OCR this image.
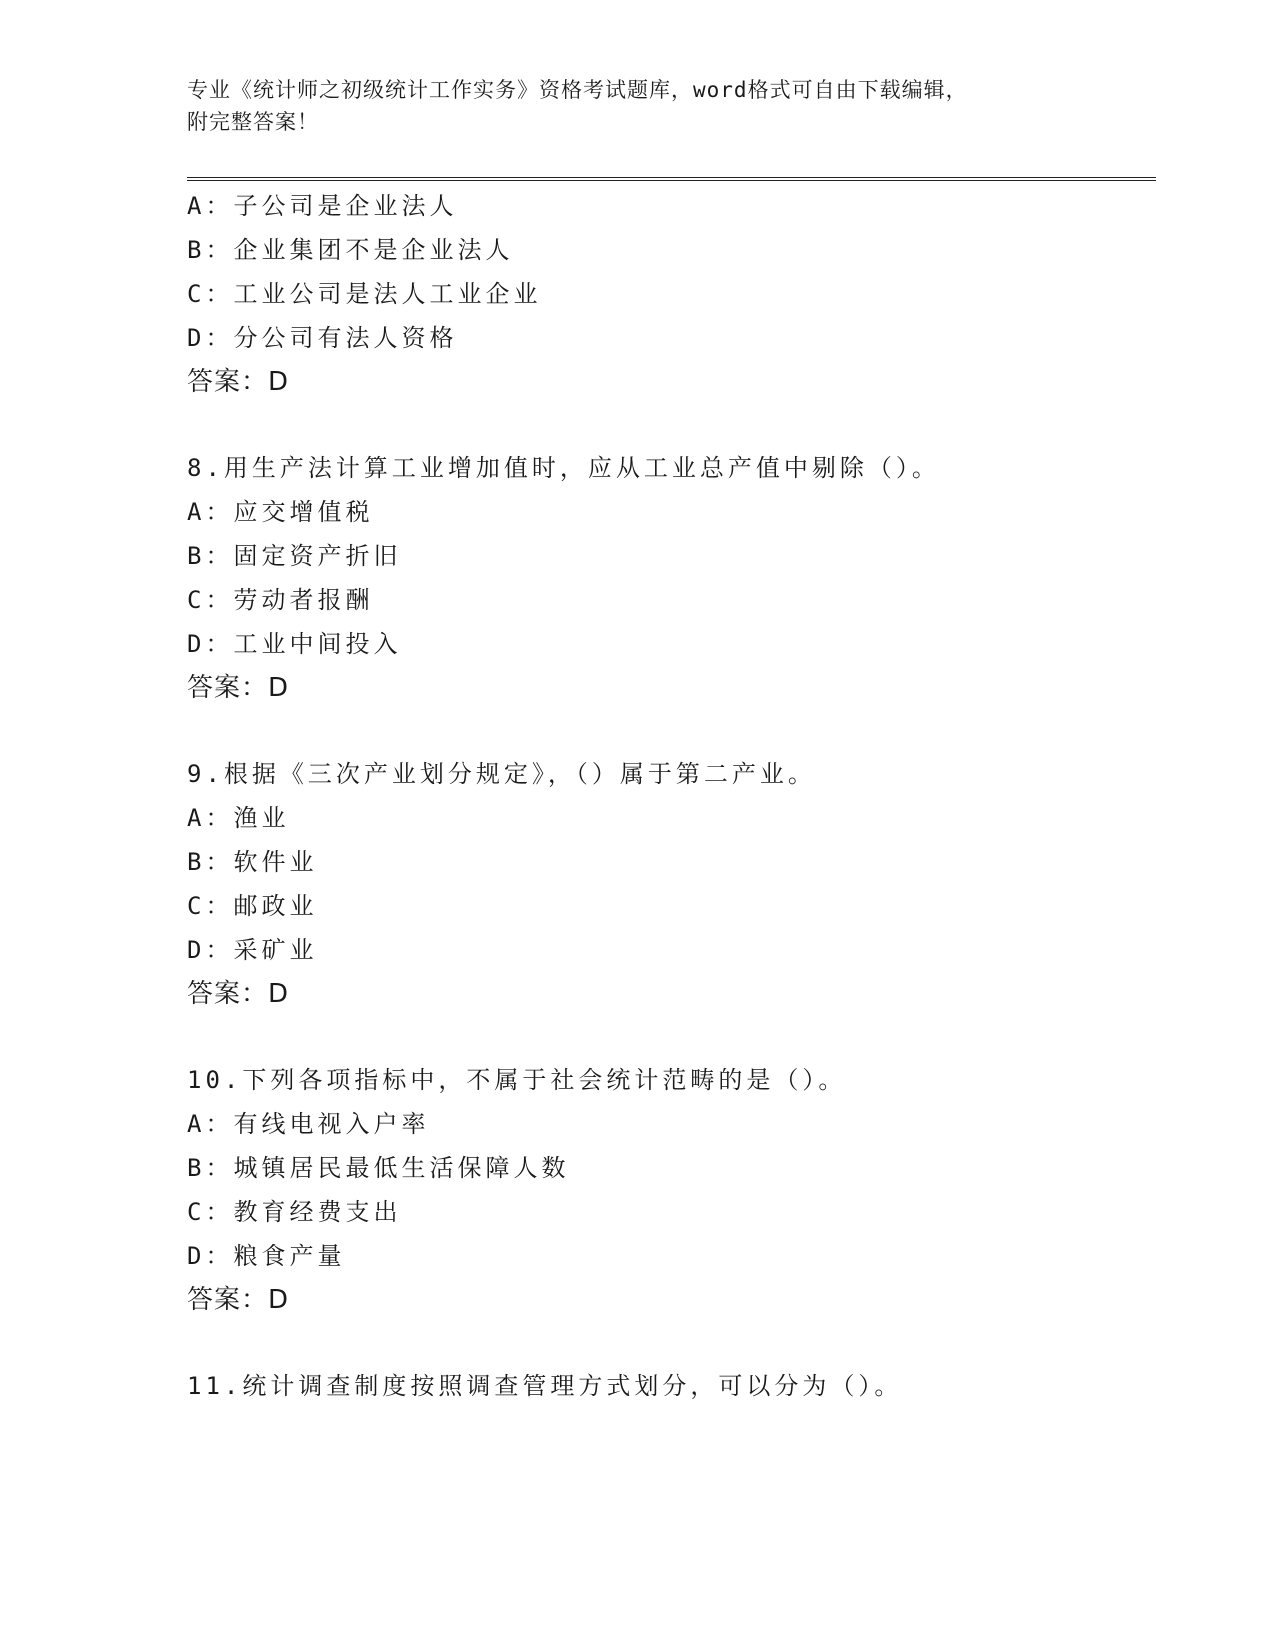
专业《统计师之初级统计工作实务》资格考试题库，word格式可自由下载编辑，
附完整答案！
A：子公司是企业法人
B：企业集团不是企业法人
C：工业公司是法人工业企业
D：分公司有法人资格
答案：D
8.用生产法计算工业增加值时，应从工业总产值中剔除（）。
A：应交增值税
B：固定资产折旧
C：劳动者报酬
D：工业中间投入
答案：D
9.根据《三次产业划分规定》，（）属于第二产业。
A：渔业
B：软件业
C：邮政业
D：采矿业
答案：D
10.下列各项指标中，不属于社会统计范畴的是（）。
A：有线电视入户率
B：城镇居民最低生活保障人数
C：教育经费支出
D：粮食产量
答案：D
11.统计调查制度按照调查管理方式划分，可以分为（）。
